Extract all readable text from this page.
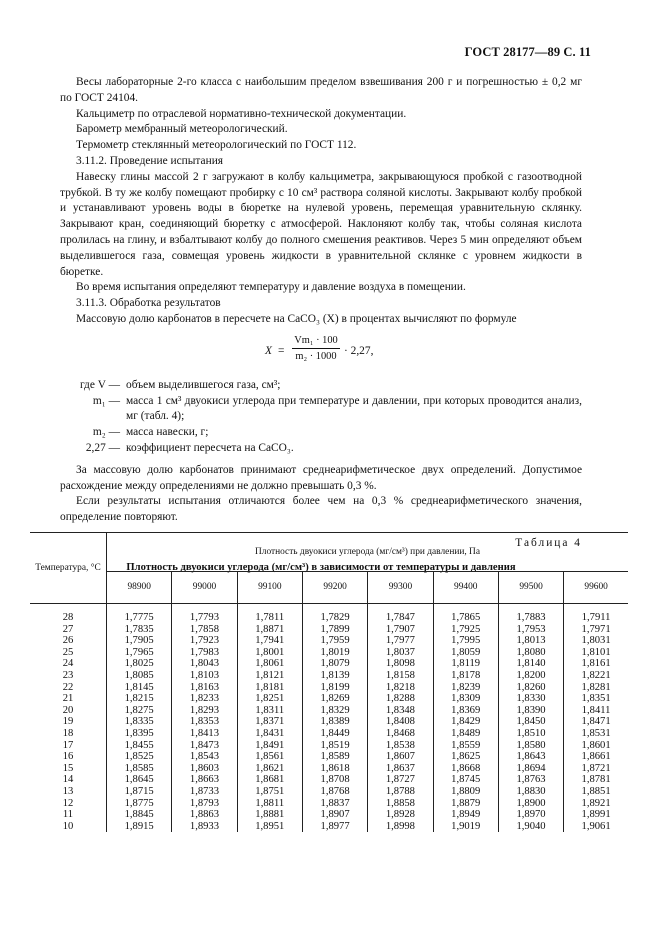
ГОСТ 28177—89 С. 11

Весы лабораторные 2-го класса с наибольшим пределом взвешивания 200 г и погрешностью ± 0,2 мг по ГОСТ 24104.

Кальциметр по отраслевой нормативно-технической документации.

Барометр мембранный метеорологический.

Термометр стеклянный метеорологический по ГОСТ 112.

3.11.2. Проведение испытания

Навеску глины массой 2 г загружают в колбу кальциметра, закрывающуюся пробкой с газоотводной трубкой. В ту же колбу помещают пробирку с 10 см³ раствора соляной кислоты. Закрывают колбу пробкой и устанавливают уровень воды в бюретке на нулевой уровень, перемещая уравнительную склянку. Закрывают кран, соединяющий бюретку с атмосферой. Наклоняют колбу так, чтобы соляная кислота пролилась на глину, и взбалтывают колбу до полного смешения реактивов. Через 5 мин определяют объем выделившегося газа, совмещая уровень жидкости в уравнительной склянке с уровнем жидкости в бюретке.

Во время испытания определяют температуру и давление воздуха в помещении.

3.11.3. Обработка результатов

Массовую долю карбонатов в пересчете на CaCO₃ (X) в процентах вычисляют по формуле

X =
Vm₁ · 100
m₂ · 1000 · 2,27,
где V — объем выделившегося газа, см³;
m₁ — масса 1 см³ двуокиси углерода при температуре и давлении, при которых проводится анализ, мг (табл. 4);
m₂ — масса навески, г;
2,27 — коэффициент пересчета на CaCO₃.

За массовую долю карбонатов принимают среднеарифметическое двух определений. Допустимое расхождение между определениями не должно превышать 0,3 %.

Если результаты испытания отличаются более чем на 0,3 % среднеарифметического значения, определение повторяют.

Таблица 4
Плотность двуокиси углерода (мг/см³) в зависимости от температуры и давления
Температура, °С	Плотность двуокиси углерода (мг/см³) при давлении, Па							
	98900	99000	99100	99200	99300	99400	99500	99600
28	1,7775	1,7793	1,7811	1,7829	1,7847	1,7865	1,7883	1,7911
27	1,7835	1,7858	1,8871	1,7899	1,7907	1,7925	1,7953	1,7971
26	1,7905	1,7923	1,7941	1,7959	1,7977	1,7995	1,8013	1,8031
25	1,7965	1,7983	1,8001	1,8019	1,8037	1,8059	1,8080	1,8101
24	1,8025	1,8043	1,8061	1,8079	1,8098	1,8119	1,8140	1,8161
23	1,8085	1,8103	1,8121	1,8139	1,8158	1,8178	1,8200	1,8221
22	1,8145	1,8163	1,8181	1,8199	1,8218	1,8239	1,8260	1,8281
21	1,8215	1,8233	1,8251	1,8269	1,8288	1,8309	1,8330	1,8351
20	1,8275	1,8293	1,8311	1,8329	1,8348	1,8369	1,8390	1,8411
19	1,8335	1,8353	1,8371	1,8389	1,8408	1,8429	1,8450	1,8471
18	1,8395	1,8413	1,8431	1,8449	1,8468	1,8489	1,8510	1,8531
17	1,8455	1,8473	1,8491	1,8519	1,8538	1,8559	1,8580	1,8601
16	1,8525	1,8543	1,8561	1,8589	1,8607	1,8625	1,8643	1,8661
15	1,8585	1,8603	1,8621	1,8618	1,8637	1,8668	1,8694	1,8721
14	1,8645	1,8663	1,8681	1,8708	1,8727	1,8745	1,8763	1,8781
13	1,8715	1,8733	1,8751	1,8768	1,8788	1,8809	1,8830	1,8851
12	1,8775	1,8793	1,8811	1,8837	1,8858	1,8879	1,8900	1,8921
11	1,8845	1,8863	1,8881	1,8907	1,8928	1,8949	1,8970	1,8991
10	1,8915	1,8933	1,8951	1,8977	1,8998	1,9019	1,9040	1,9061
